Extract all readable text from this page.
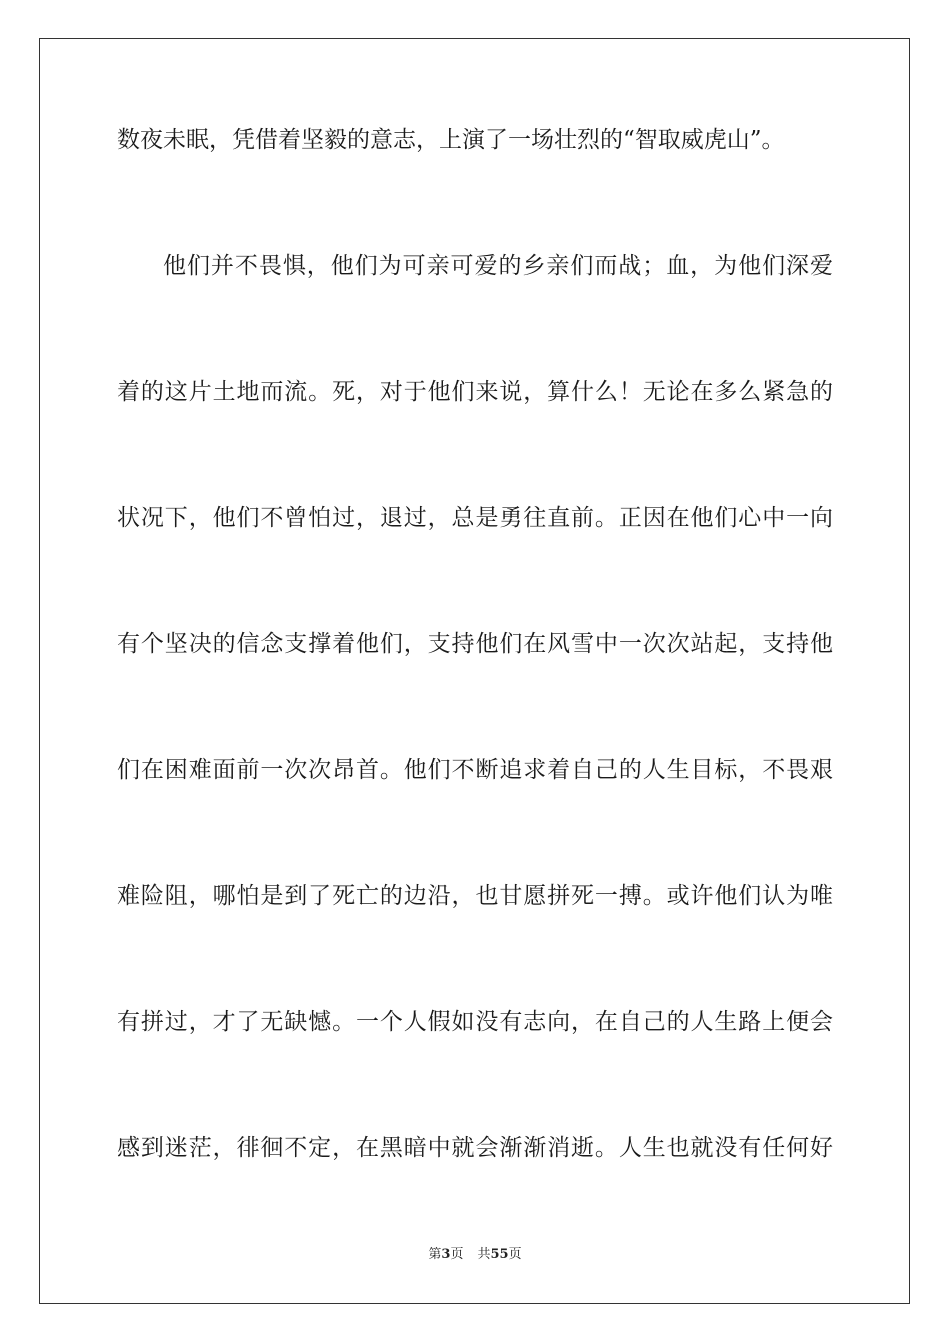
数夜未眠，凭借着坚毅的意志，上演了一场壮烈的“智取威虎山”。
他们并不畏惧，他们为可亲可爱的乡亲们而战；血，为他们深爱
着的这片土地而流。死，对于他们来说，算什么！无论在多么紧急的
状况下，他们不曾怕过，退过，总是勇往直前。正因在他们心中一向
有个坚决的信念支撑着他们，支持他们在风雪中一次次站起，支持他
们在困难面前一次次昂首。他们不断追求着自己的人生目标，不畏艰
难险阻，哪怕是到了死亡的边沿，也甘愿拼死一搏。或许他们认为唯
有拼过，才了无缺憾。一个人假如没有志向，在自己的人生路上便会
感到迷茫，徘徊不定，在黑暗中就会渐渐消逝。人生也就没有任何好
第3页 共55页
